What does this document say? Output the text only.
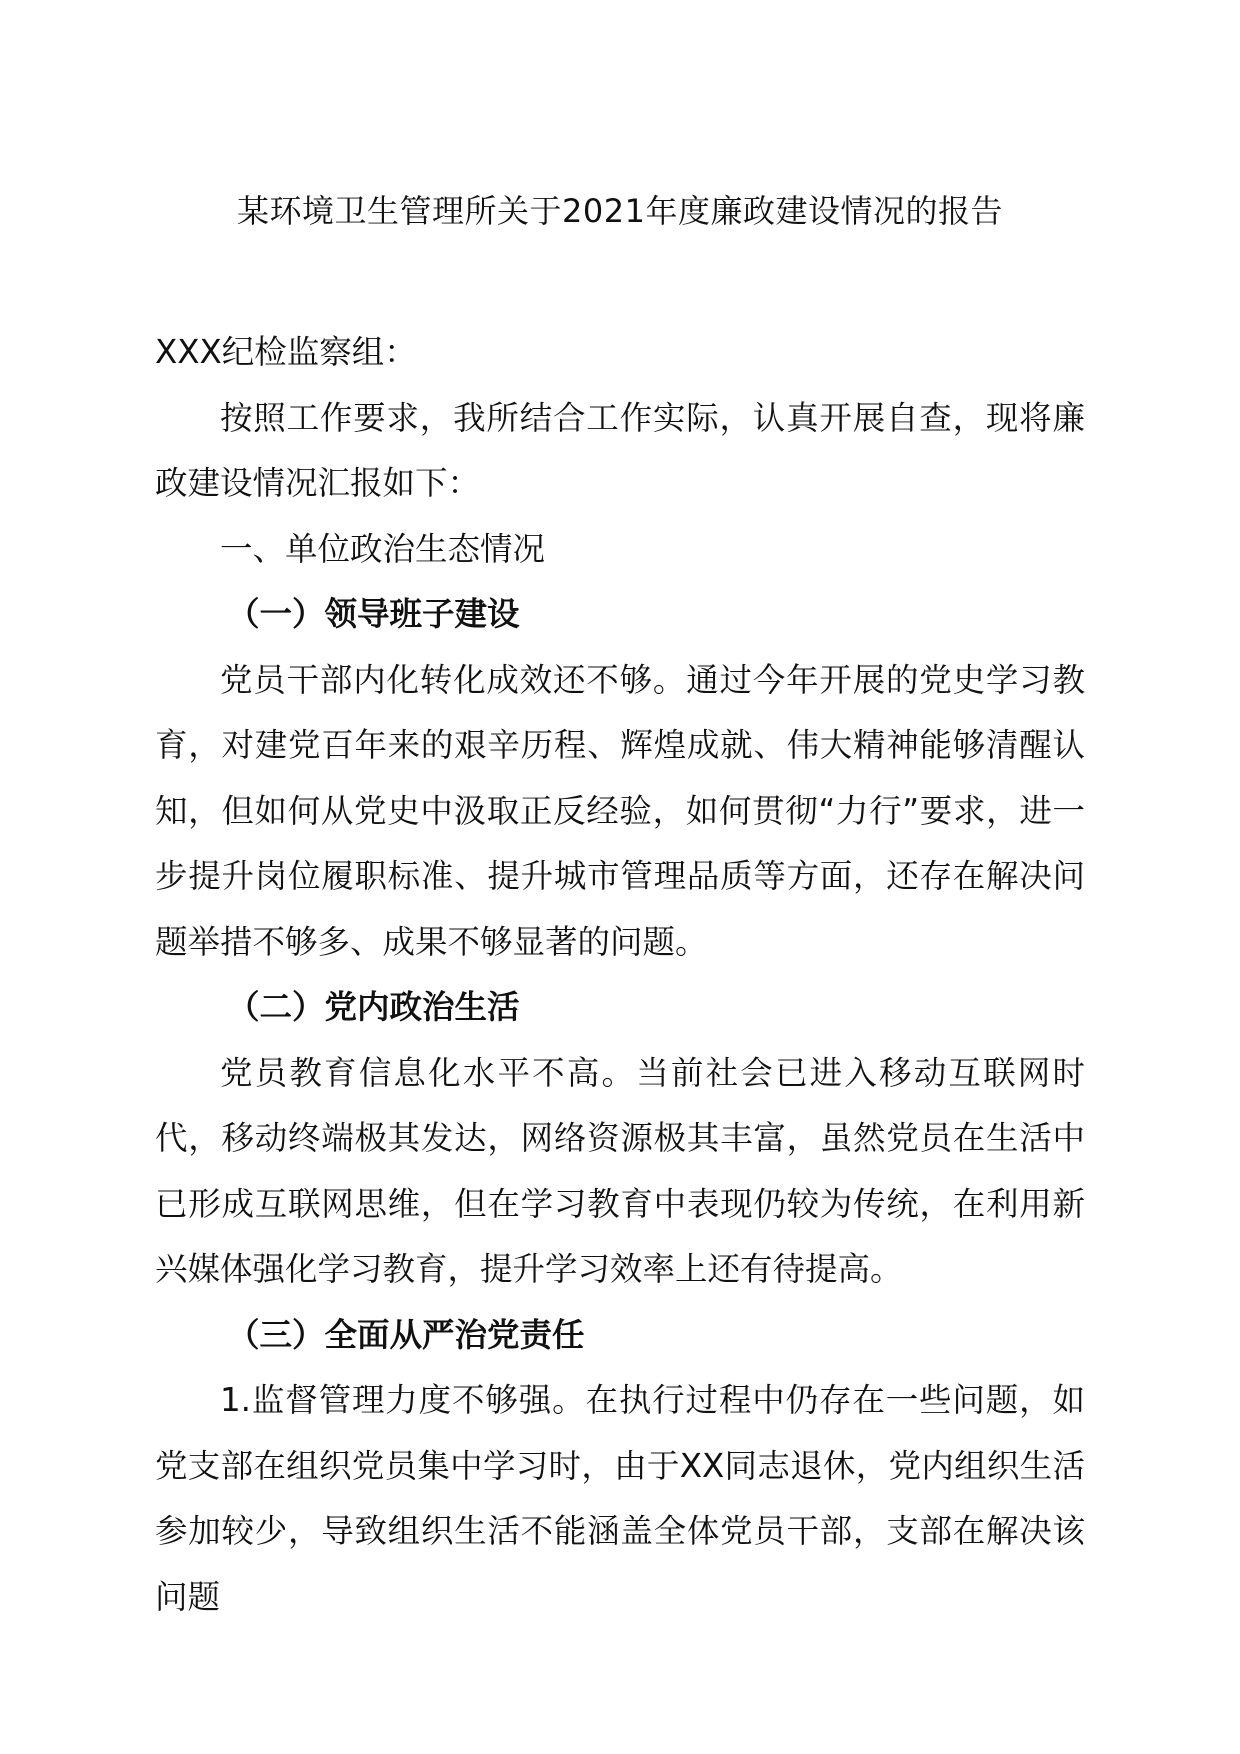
某环境卫生管理所关于2021年度廉政建设情况的报告

XXX纪检监察组：

按照工作要求，我所结合工作实际，认真开展自查，现将廉政建设情况汇报如下：

一、单位政治生态情况

（一）领导班子建设

党员干部内化转化成效还不够。通过今年开展的党史学习教育，对建党百年来的艰辛历程、辉煌成就、伟大精神能够清醒认知，但如何从党史中汲取正反经验，如何贯彻“力行”要求，进一步提升岗位履职标准、提升城市管理品质等方面，还存在解决问题举措不够多、成果不够显著的问题。

（二）党内政治生活

党员教育信息化水平不高。当前社会已进入移动互联网时代，移动终端极其发达，网络资源极其丰富，虽然党员在生活中已形成互联网思维，但在学习教育中表现仍较为传统，在利用新兴媒体强化学习教育，提升学习效率上还有待提高。

（三）全面从严治党责任

1.监督管理力度不够强。在执行过程中仍存在一些问题，如党支部在组织党员集中学习时，由于XX同志退休，党内组织生活参加较少，导致组织生活不能涵盖全体党员干部，支部在解决该问题
